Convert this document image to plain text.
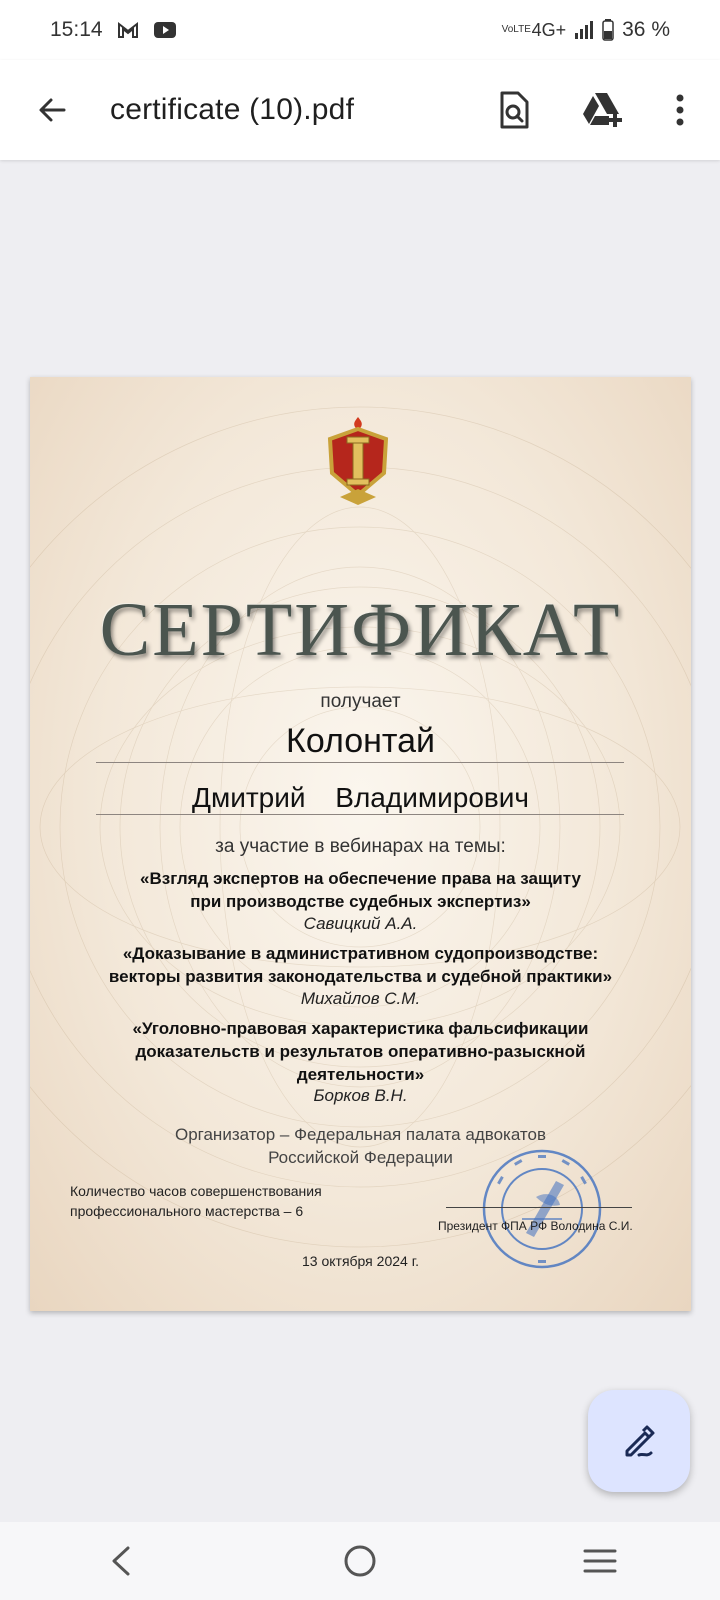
15:14	VoLTE 4G+	36 %
certificate (10).pdf
СЕРТИФИКАТ
получает
Колонтай
Дмитрий Владимирович
за участие в вебинарах на темы:
«Взгляд экспертов на обеспечение права на защиту
при производстве судебных экспертиз»
Савицкий А.А.
«Доказывание в административном судопроизводстве:
векторы развития законодательства и судебной практики»
Михайлов С.М.
«Уголовно-правовая характеристика фальсификации
доказательств и результатов оперативно-разыскной
деятельности»
Борков В.Н.
Организатор – Федеральная палата адвокатов
Российской Федерации
Количество часов совершенствования
профессионального мастерства – 6
Президент ФПА РФ Володина С.И.
13 октября 2024 г.
